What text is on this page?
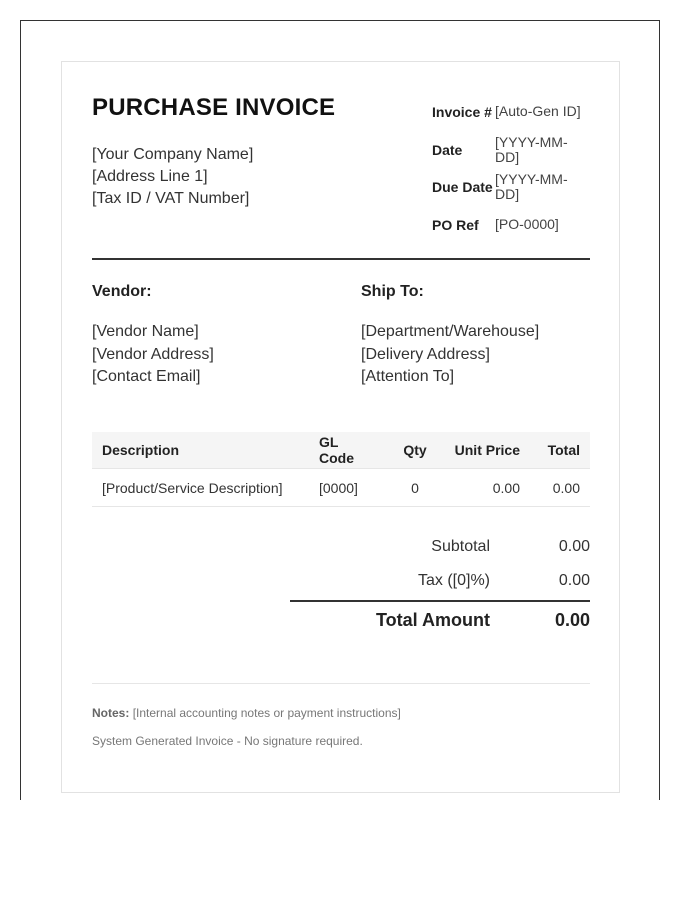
PURCHASE INVOICE
[Your Company Name]
[Address Line 1]
[Tax ID / VAT Number]
Invoice # [Auto-Gen ID]
Date	[YYYY-MM-
DD]
Due Date [YYYY-MM-
DD]
PO Ref	[PO-0000]
Vendor:
[Vendor Name]
[Vendor Address]
[Contact Email]
Ship To:
[Department/Warehouse]
[Delivery Address]
[Attention To]
Description	GL Code	Qty	Unit Price	Total
[Product/Service Description]	[0000]	0	0.00	0.00
Subtotal	0.00
Tax ([0]%)	0.00
Total Amount	0.00
Notes: [Internal accounting notes or payment instructions]
System Generated Invoice - No signature required.
